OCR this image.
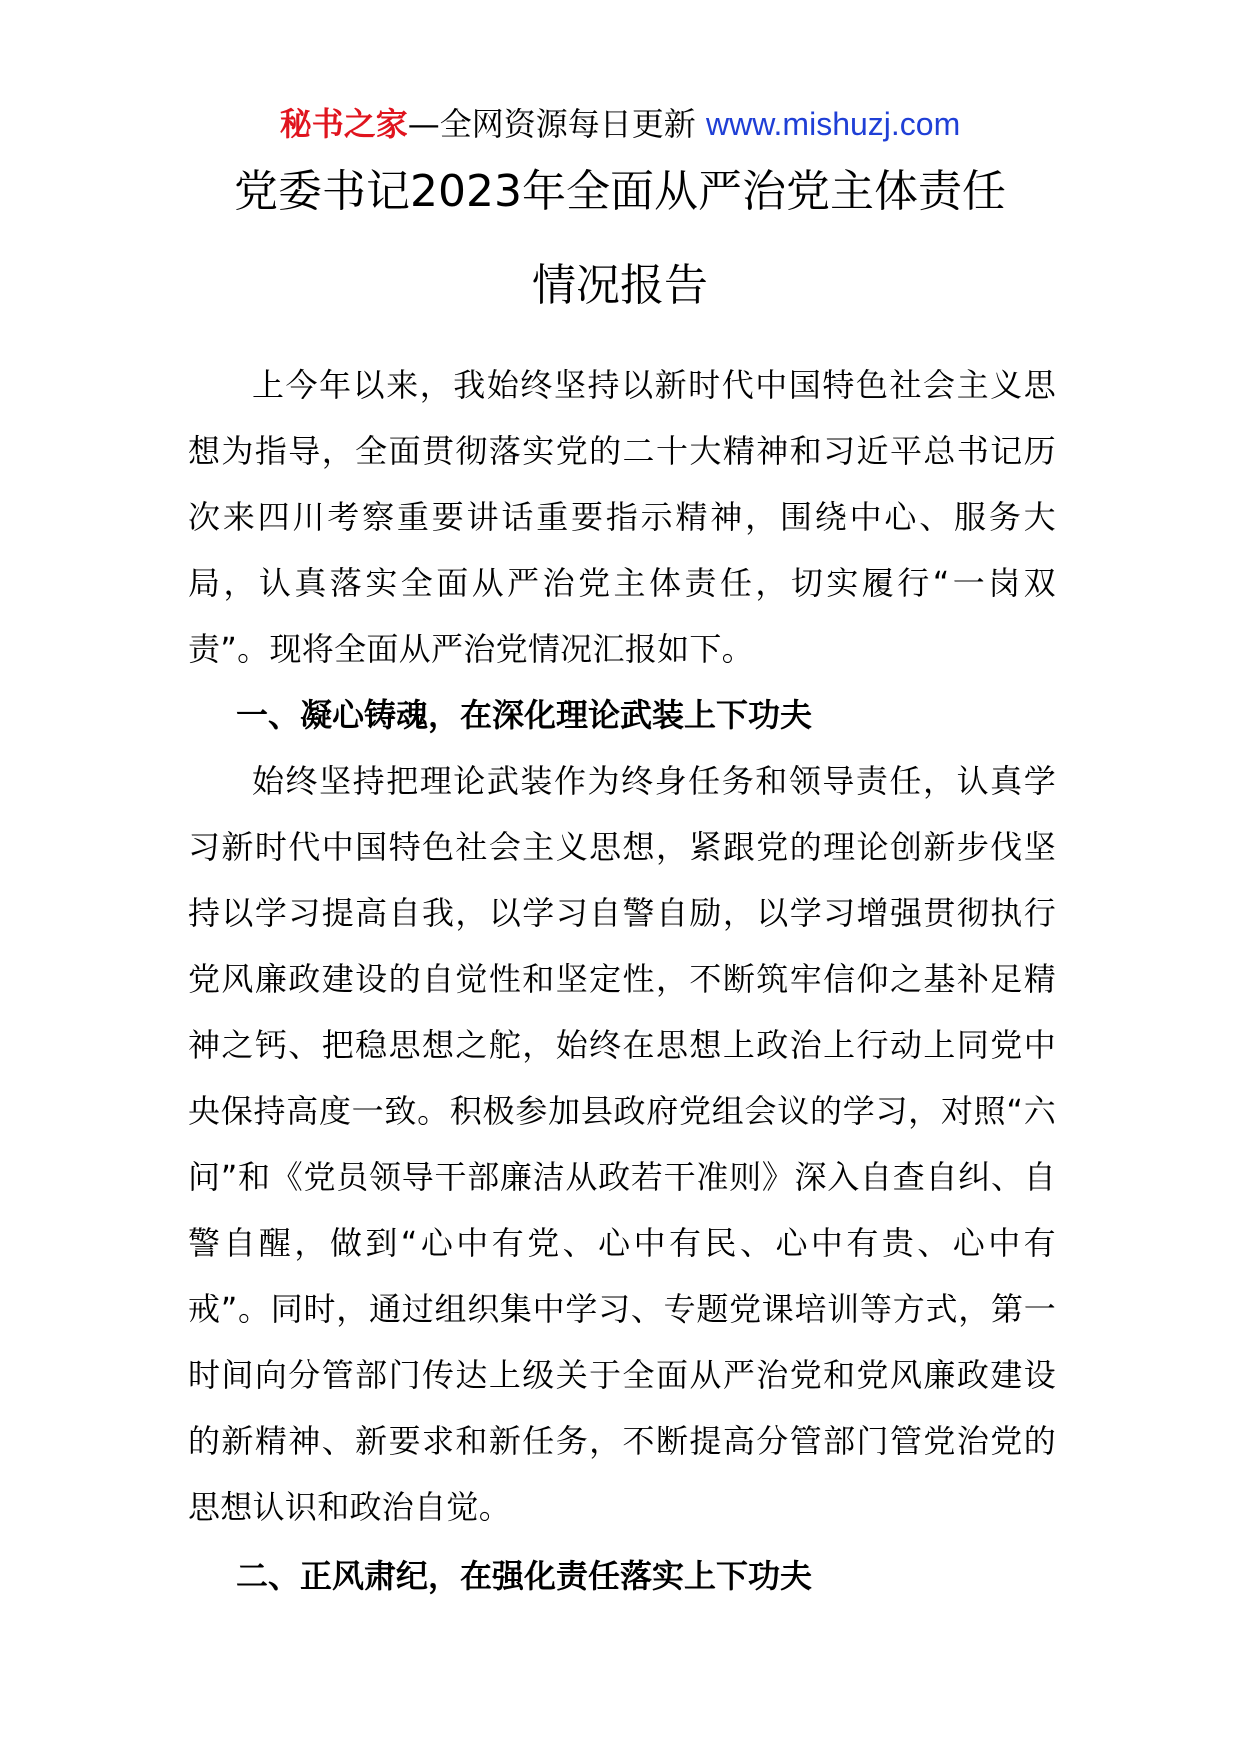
秘书之家—全网资源每日更新 www.mishuzj.com
党委书记2023年全面从严治党主体责任
情况报告

上今年以来，我始终坚持以新时代中国特色社会主义思想为指导，全面贯彻落实党的二十大精神和习近平总书记历次来四川考察重要讲话重要指示精神，围绕中心、服务大局，认真落实全面从严治党主体责任，切实履行“一岗双责”。现将全面从严治党情况汇报如下。

一、凝心铸魂，在深化理论武装上下功夫

始终坚持把理论武装作为终身任务和领导责任，认真学习新时代中国特色社会主义思想，紧跟党的理论创新步伐坚持以学习提高自我，以学习自警自励，以学习增强贯彻执行党风廉政建设的自觉性和坚定性，不断筑牢信仰之基补足精神之钙、把稳思想之舵，始终在思想上政治上行动上同党中央保持高度一致。积极参加县政府党组会议的学习，对照“六问”和《党员领导干部廉洁从政若干准则》深入自查自纠、自警自醒，做到“心中有党、心中有民、心中有贵、心中有戒”。同时，通过组织集中学习、专题党课培训等方式，第一时间向分管部门传达上级关于全面从严治党和党风廉政建设的新精神、新要求和新任务，不断提高分管部门管党治党的思想认识和政治自觉。

二、正风肃纪，在强化责任落实上下功夫
